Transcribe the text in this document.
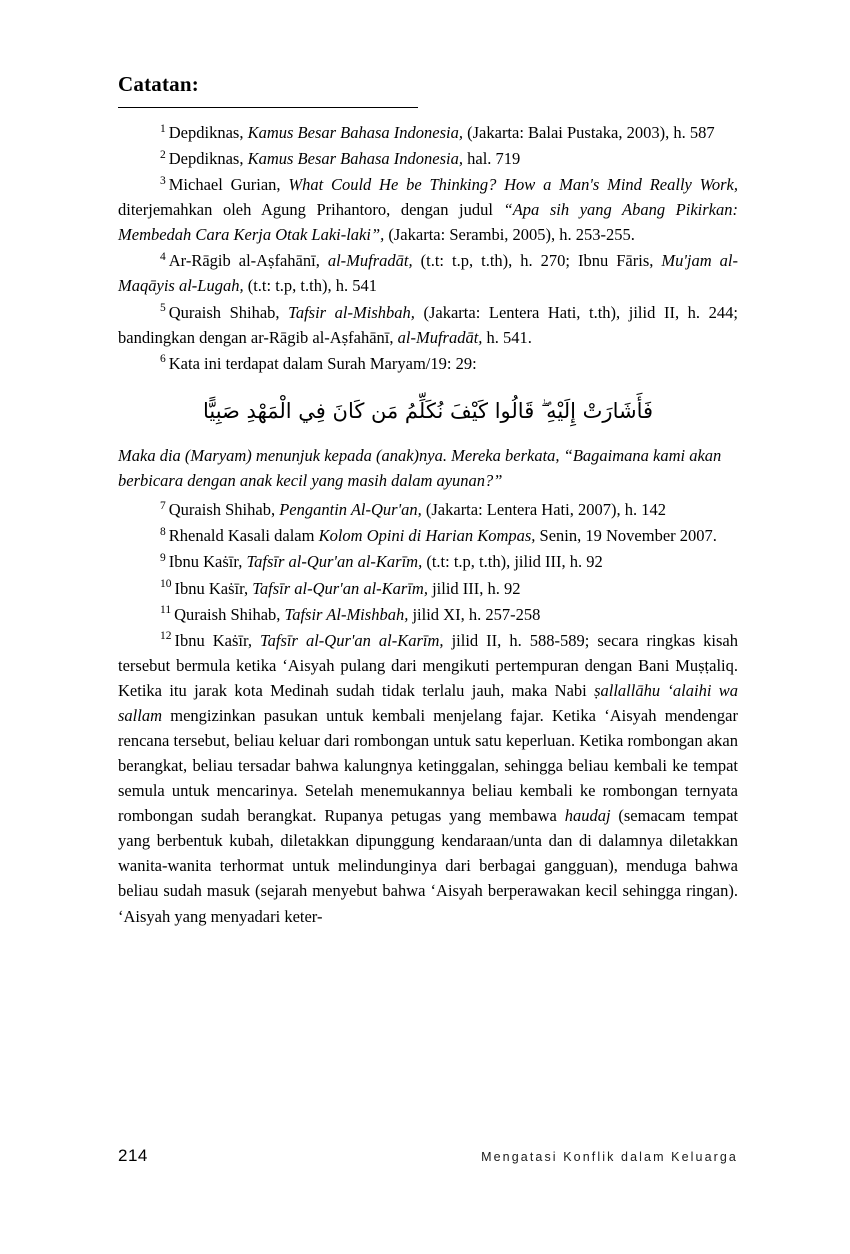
Catatan:

$^1$ Depdiknas, Kamus Besar Bahasa Indonesia, (Jakarta: Balai Pustaka, 2003), h. 587

$^2$ Depdiknas, Kamus Besar Bahasa Indonesia, hal. 719

$^3$ Michael Gurian, What Could He be Thinking? How a Man's Mind Really Work, diterjemahkan oleh Agung Prihantoro, dengan judul “Apa sih yang Abang Pikirkan: Membedah Cara Kerja Otak Laki-laki”, (Jakarta: Serambi, 2005), h. 253-255.

$^4$ Ar-Rāgib al-Aṣfahānī, al-Mufradāt, (t.t: t.p, t.th), h. 270; Ibnu Fāris, Mu'jam al-Maqāyis al-Lugah, (t.t: t.p, t.th), h. 541

$^5$ Quraish Shihab, Tafsir al-Mishbah, (Jakarta: Lentera Hati, t.th), jilid II, h. 244; bandingkan dengan ar-Rāgib al-Aṣfahānī, al-Mufradāt, h. 541.

$^6$ Kata ini terdapat dalam Surah Maryam/19: 29:

فَأَشَارَتْ إِلَيْهِ ۖ قَالُوا كَيْفَ نُكَلِّمُ مَن كَانَ فِي الْمَهْدِ صَبِيًّا

Maka dia (Maryam) menunjuk kepada (anak)nya. Mereka berkata, “Bagaimana kami akan berbicara dengan anak kecil yang masih dalam ayunan?”

$^7$ Quraish Shihab, Pengantin Al-Qur'an, (Jakarta: Lentera Hati, 2007), h. 142

$^8$ Rhenald Kasali dalam Kolom Opini di Harian Kompas, Senin, 19 November 2007.

$^9$ Ibnu Kaṡīr, Tafsīr al-Qur'an al-Karīm, (t.t: t.p, t.th), jilid III, h. 92

$^{10}$ Ibnu Kaṡīr, Tafsīr al-Qur'an al-Karīm, jilid III, h. 92

$^{11}$ Quraish Shihab, Tafsir Al-Mishbah, jilid XI, h. 257-258

$^{12}$ Ibnu Kaṡīr, Tafsīr al-Qur'an al-Karīm, jilid II, h. 588-589; secara ringkas kisah tersebut bermula ketika ‘Aisyah pulang dari mengikuti pertempuran dengan Bani Muṣṭaliq. Ketika itu jarak kota Medinah sudah tidak terlalu jauh, maka Nabi ṣallallāhu ‘alaihi wa sallam mengizinkan pasukan untuk kembali menjelang fajar. Ketika ‘Aisyah mendengar rencana tersebut, beliau keluar dari rombongan untuk satu keperluan. Ketika rombongan akan berangkat, beliau tersadar bahwa kalungnya ketinggalan, sehingga beliau kembali ke tempat semula untuk mencarinya. Setelah menemukannya beliau kembali ke rombongan ternyata rombongan sudah berangkat. Rupanya petugas yang membawa haudaj (semacam tempat yang berbentuk kubah, diletakkan dipunggung kendaraan/unta dan di dalamnya diletakkan wanita-wanita terhormat untuk melindunginya dari berbagai gangguan), menduga bahwa beliau sudah masuk (sejarah menyebut bahwa ‘Aisyah berperawakan kecil sehingga ringan). ‘Aisyah yang menyadari keter-

214	Mengatasi Konflik dalam Keluarga
